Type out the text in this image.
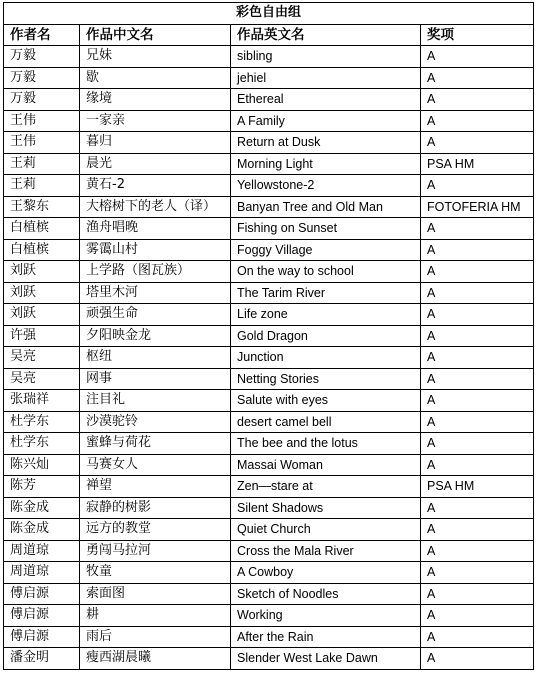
彩色自由组			
作者名	作品中文名	作品英文名	奖项
万毅	兄妹	sibling	A
万毅	歇	jehiel	A
万毅	缘境	Ethereal	A
王伟	一家亲	A Family	A
王伟	暮归	Return at Dusk	A
王莉	晨光	Morning Light	PSA HM
王莉	黄石-2	Yellowstone-2	A
王黎东	大榕树下的老人（译）	Banyan Tree and Old Man	FOTOFERIA HM
白植槟	渔舟唱晚	Fishing on Sunset	A
白植槟	雾霭山村	Foggy Village	A
刘跃	上学路（图瓦族）	On the way to school	A
刘跃	塔里木河	The Tarim River	A
刘跃	顽强生命	Life zone	A
许强	夕阳映金龙	Gold Dragon	A
吴亮	枢纽	Junction	A
吴亮	网事	Netting Stories	A
张瑞祥	注目礼	Salute with eyes	A
杜学东	沙漠驼铃	desert camel bell	A
杜学东	蜜蜂与荷花	The bee and the lotus	A
陈兴灿	马赛女人	Massai Woman	A
陈芳	禅望	Zen—stare at	PSA HM
陈金成	寂静的树影	Silent Shadows	A
陈金成	远方的教堂	Quiet Church	A
周道琼	勇闯马拉河	Cross the Mala River	A
周道琼	牧童	A Cowboy	A
傅启源	索面图	Sketch of Noodles	A
傅启源	耕	Working	A
傅启源	雨后	After the Rain	A
潘金明	瘦西湖晨曦	Slender West Lake Dawn	A
